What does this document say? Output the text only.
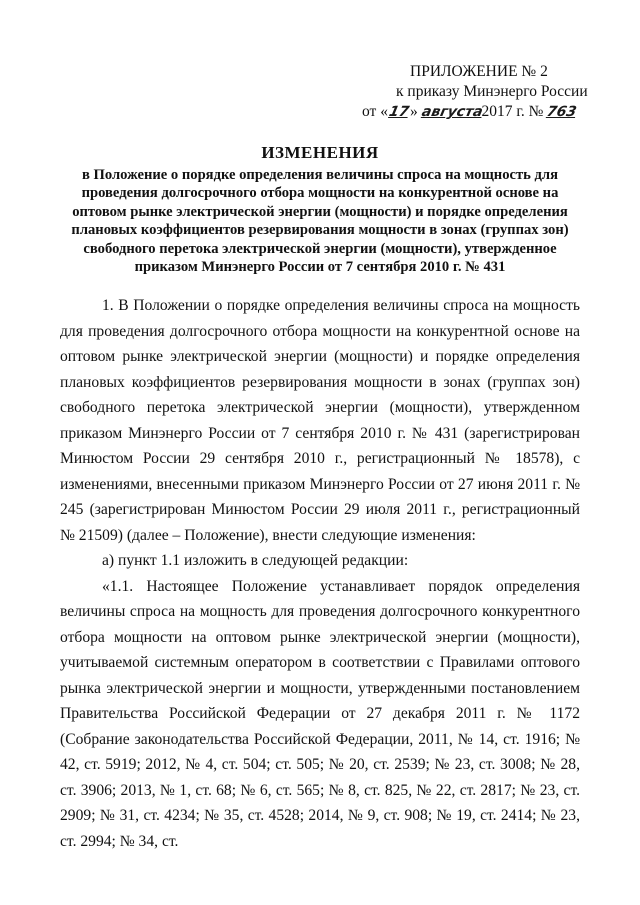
ПРИЛОЖЕНИЕ № 2
к приказу Минэнерго России
от «17» августа 2017 г. № 763
ИЗМЕНЕНИЯ
в Положение о порядке определения величины спроса на мощность для
проведения долгосрочного отбора мощности на конкурентной основе на
оптовом рынке электрической энергии (мощности) и порядке определения
плановых коэффициентов резервирования мощности в зонах (группах зон)
свободного перетока электрической энергии (мощности), утвержденное
приказом Минэнерго России от 7 сентября 2010 г. № 431

1. В Положении о порядке определения величины спроса на мощность для проведения долгосрочного отбора мощности на конкурентной основе на оптовом рынке электрической энергии (мощности) и порядке определения плановых коэффициентов резервирования мощности в зонах (группах зон) свободного перетока электрической энергии (мощности), утвержденном приказом Минэнерго России от 7 сентября 2010 г. № 431 (зарегистрирован Минюстом России 29 сентября 2010 г., регистрационный № 18578), с изменениями, внесенными приказом Минэнерго России от 27 июня 2011 г. № 245 (зарегистрирован Минюстом России 29 июля 2011 г., регистрационный № 21509) (далее – Положение), внести следующие изменения:

а) пункт 1.1 изложить в следующей редакции:

«1.1. Настоящее Положение устанавливает порядок определения величины спроса на мощность для проведения долгосрочного конкурентного отбора мощности на оптовом рынке электрической энергии (мощности), учитываемой системным оператором в соответствии с Правилами оптового рынка электрической энергии и мощности, утвержденными постановлением Правительства Российской Федерации от 27 декабря 2011 г. № 1172 (Собрание законодательства Российской Федерации, 2011, № 14, ст. 1916; № 42, ст. 5919; 2012, № 4, ст. 504; ст. 505; № 20, ст. 2539; № 23, ст. 3008; № 28, ст. 3906; 2013, № 1, ст. 68; № 6, ст. 565; № 8, ст. 825, № 22, ст. 2817; № 23, ст. 2909; № 31, ст. 4234; № 35, ст. 4528; 2014, № 9, ст. 908; № 19, ст. 2414; № 23, ст. 2994; № 34, ст.
